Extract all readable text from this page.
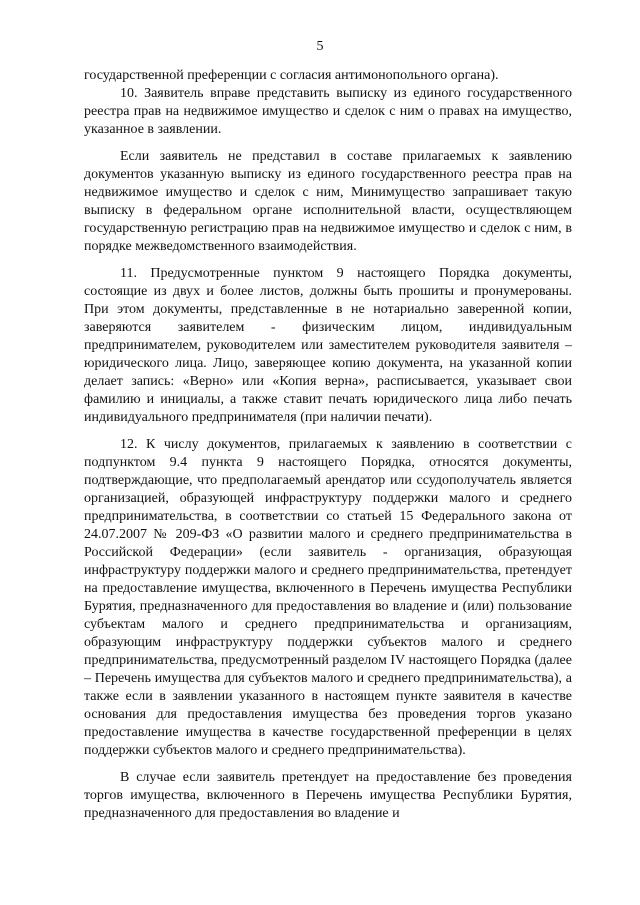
5

государственной преференции с согласия антимонопольного органа).

10. Заявитель вправе представить выписку из единого государственного реестра прав на недвижимое имущество и сделок с ним о правах на имущество, указанное в заявлении.

Если заявитель не представил в составе прилагаемых к заявлению документов указанную выписку из единого государственного реестра прав на недвижимое имущество и сделок с ним, Минимущество запрашивает такую выписку в федеральном органе исполнительной власти, осуществляющем государственную регистрацию прав на недвижимое имущество и сделок с ним, в порядке межведомственного взаимодействия.

11. Предусмотренные пунктом 9 настоящего Порядка документы, состоящие из двух и более листов, должны быть прошиты и пронумерованы. При этом документы, представленные в не нотариально заверенной копии, заверяются заявителем - физическим лицом, индивидуальным предпринимателем, руководителем или заместителем руководителя заявителя – юридического лица. Лицо, заверяющее копию документа, на указанной копии делает запись: «Верно» или «Копия верна», расписывается, указывает свои фамилию и инициалы, а также ставит печать юридического лица либо печать индивидуального предпринимателя (при наличии печати).

12. К числу документов, прилагаемых к заявлению в соответствии с подпунктом 9.4 пункта 9 настоящего Порядка, относятся документы, подтверждающие, что предполагаемый арендатор или ссудополучатель является организацией, образующей инфраструктуру поддержки малого и среднего предпринимательства, в соответствии со статьей 15 Федерального закона от 24.07.2007 № 209-ФЗ «О развитии малого и среднего предпринимательства в Российской Федерации» (если заявитель - организация, образующая инфраструктуру поддержки малого и среднего предпринимательства, претендует на предоставление имущества, включенного в Перечень имущества Республики Бурятия, предназначенного для предоставления во владение и (или) пользование субъектам малого и среднего предпринимательства и организациям, образующим инфраструктуру поддержки субъектов малого и среднего предпринимательства, предусмотренный разделом IV настоящего Порядка (далее – Перечень имущества для субъектов малого и среднего предпринимательства), а также если в заявлении указанного в настоящем пункте заявителя в качестве основания для предоставления имущества без проведения торгов указано предоставление имущества в качестве государственной преференции в целях поддержки субъектов малого и среднего предпринимательства).

В случае если заявитель претендует на предоставление без проведения торгов имущества, включенного в Перечень имущества Республики Бурятия, предназначенного для предоставления во владение и
